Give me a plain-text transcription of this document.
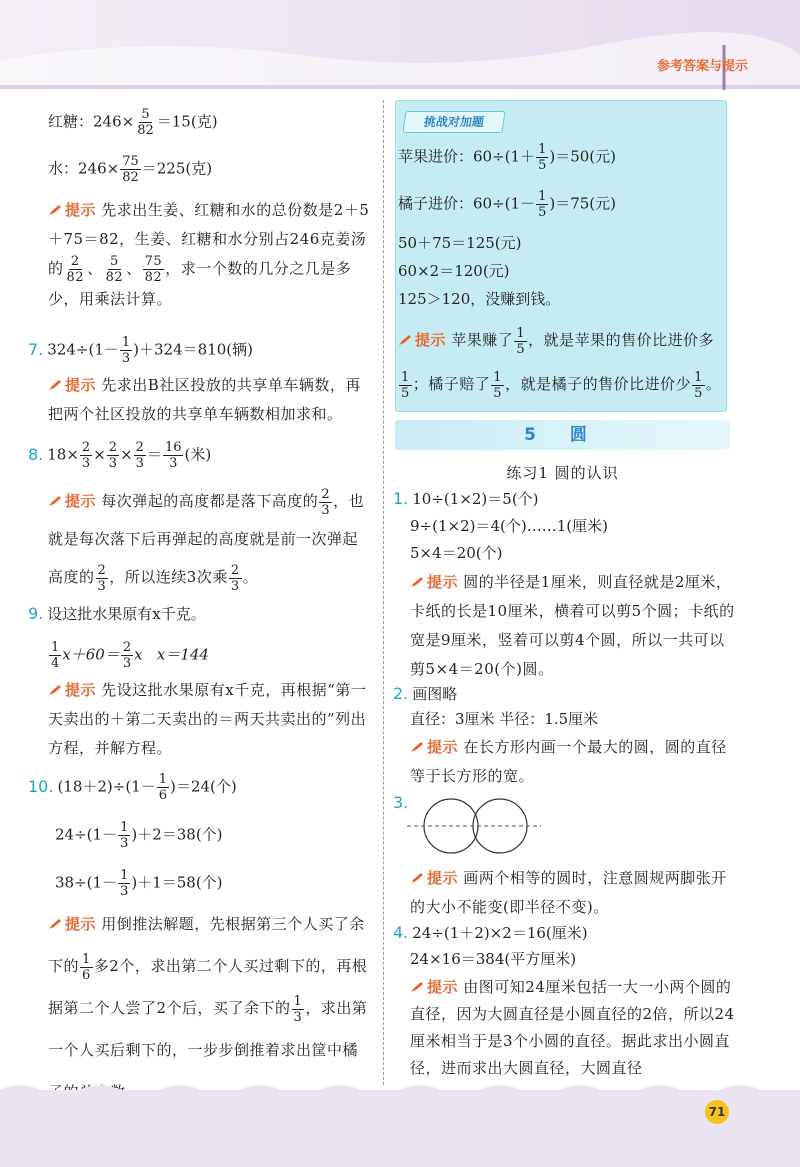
参考答案与提示
红糖：$246\times \frac{5}{82} =15$(克)
水：$246\times \frac{75}{82} =225$(克)
提示 先求出生姜、红糖和水的总份数是2＋5＋75＝82，生姜、红糖和水分别占246克姜汤的 $\frac{2}{82}$ 、 $\frac{5}{82}$ 、 $\frac{75}{82}$ ，求一个数的几分之几是多少，用乘法计算。
7. $324\div(1- \frac{1}{3} )+324=810$(辆)
提示 先求出B社区投放的共享单车辆数，再把两个社区投放的共享单车辆数相加求和。
8. $18\times \frac{2}{3} \times \frac{2}{3} \times \frac{2}{3} = \frac{16}{3}$ (米)
提示 每次弹起的高度都是落下高度的 $\frac{2}{3}$ ，也就是每次落下后再弹起的高度就是前一次弹起高度的 $\frac{2}{3}$ ，所以连续3次乘 $\frac{2}{3}$ 。
9. 设这批水果原有x千克。
$\frac{1}{4} x+60= \frac{2}{3}$ x x＝144
提示 先设这批水果原有x千克，再根据“第一天卖出的＋第二天卖出的＝两天共卖出的”列出方程，并解方程。
10. $(18+2)\div(1- \frac{1}{6} )=24$(个)
$24\div(1- \frac{1}{3} )+2=38$(个)
$38\div(1- \frac{1}{3} )+1=58$(个)
提示 用倒推法解题，先根据第三个人买了余下的 $\frac{1}{6}$ 多2个，求出第二个人买过剩下的，再根据第二个人尝了2个后，买了余下的 $\frac{1}{3}$ ，求出第一个人买后剩下的，一步步倒推着求出筐中橘
挑战对加题
苹果进价：$60\div(1+ \frac{1}{5} )=50$(元)
橘子进价：$60\div(1- \frac{1}{5} )=75$(元)
50＋75＝125(元)
60×2＝120(元)
125＞120，没赚到钱。
提示 苹果赚了 $\frac{1}{5}$ ，就是苹果的售价比进价多
$\frac{1}{5}$ ；橘子赔了 $\frac{1}{5}$ ，就是橘子的售价比进价少 $\frac{1}{5}$ 。
5 圆
练习1 圆的认识
1. 10÷(1×2)＝5(个)
9÷(1×2)＝4(个)……1(厘米)
5×4＝20(个)
提示 圆的半径是1厘米，则直径就是2厘米，卡纸的长是10厘米，横着可以剪5个圆；卡纸的宽是9厘米，竖着可以剪4个圆，所以一共可以剪5×4＝20(个)圆。
2. 画图略
直径：3厘米 半径：1.5厘米
提示 在长方形内画一个最大的圆，圆的直径等于长方形的宽。
3.
提示 画两个相等的圆时，注意圆规两脚张开的大小不能变(即半径不变)。
4. 24÷(1＋2)×2＝16(厘米)
24×16＝384(平方厘米)
提示 由图可知24厘米包括一大一小两个圆的直径，因为大圆直径是小圆直径的2倍，所以24厘米相当于是3个小圆的直径。据此求出小圆直径，进而求出大圆直径，大圆直径
71
